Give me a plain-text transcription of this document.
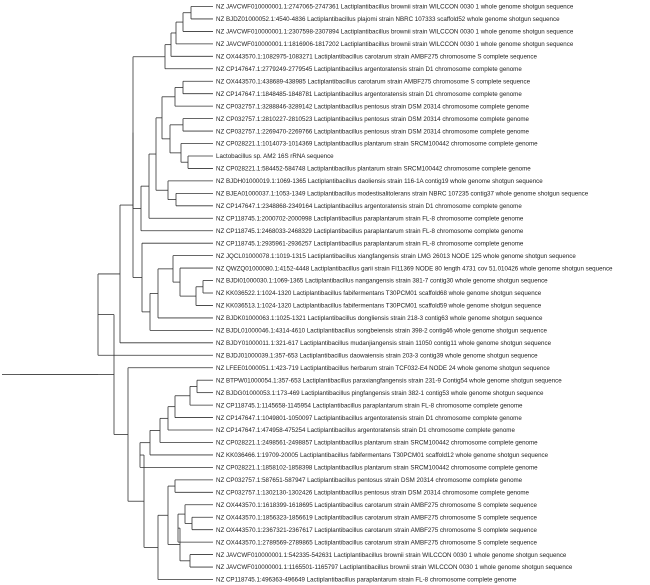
NZ JAVCWF010000001.1:2747065-2747361 Lactiplantibacillus brownii strain WILCCON 0030 1 whole genome shotgun sequence
NZ BJDZ01000052.1:4540-4836 Lactiplantibacillus plajomi strain NBRC 107333 scaffold52 whole genome shotgun sequence
NZ JAVCWF010000001.1:2307598-2307894 Lactiplantibacillus brownii strain WILCCON 0030 1 whole genome shotgun sequence
NZ JAVCWF010000001.1:1816906-1817202 Lactiplantibacillus brownii strain WILCCON 0030 1 whole genome shotgun sequence
NZ OX443570.1:1082975-1083271 Lactiplantibacillus carotarum strain AMBF275 chromosome S complete sequence
NZ CP147647.1:2779249-2779545 Lactiplantibacillus argentoratensis strain D1 chromosome complete genome
NZ OX443570.1:438689-438985 Lactiplantibacillus carotarum strain AMBF275 chromosome S complete sequence
NZ CP147647.1:1848485-1848781 Lactiplantibacillus argentoratensis strain D1 chromosome complete genome
NZ CP032757.1:3288846-3289142 Lactiplantibacillus pentosus strain DSM 20314 chromosome complete genome
NZ CP032757.1:2810227-2810523 Lactiplantibacillus pentosus strain DSM 20314 chromosome complete genome
NZ CP032757.1:2269470-2269766 Lactiplantibacillus pentosus strain DSM 20314 chromosome complete genome
NZ CP028221.1:1014073-1014369 Lactiplantibacillus plantarum strain SRCM100442 chromosome complete genome
Lactobacillus sp. AM2 16S rRNA sequence
NZ CP028221.1:584452-584748 Lactiplantibacillus plantarum strain SRCM100442 chromosome complete genome
NZ BJDH01000019.1:1069-1365 Lactiplantibacillus daoliensis strain 116-1A contig19 whole genome shotgun sequence
NZ BJEA01000037.1:1053-1349 Lactiplantibacillus modestisalitolerans strain NBRC 107235 contig37 whole genome shotgun sequence
NZ CP147647.1:2348868-2349164 Lactiplantibacillus argentoratensis strain D1 chromosome complete genome
NZ CP118745.1:2000702-2000998 Lactiplantibacillus paraplantarum strain FL-8 chromosome complete genome
NZ CP118745.1:2468033-2468329 Lactiplantibacillus paraplantarum strain FL-8 chromosome complete genome
NZ CP118745.1:2935961-2936257 Lactiplantibacillus paraplantarum strain FL-8 chromosome complete genome
NZ JQCL01000078.1:1019-1315 Lactiplantibacillus xiangfangensis strain LMG 26013 NODE 125 whole genome shotgun sequence
NZ QWZQ01000080.1:4152-4448 Lactiplantibacillus garii strain FI11369 NODE 80 length 4731 cov 51.010426 whole genome shotgun sequence
NZ BJDI01000030.1:1069-1365 Lactiplantibacillus nangangensis strain 381-7 contig30 whole genome shotgun sequence
NZ KK036522.1:1024-1320 Lactiplantibacillus fabifermentans T30PCM01 scaffold68 whole genome shotgun sequence
NZ KK036513.1:1024-1320 Lactiplantibacillus fabifermentans T30PCM01 scaffold59 whole genome shotgun sequence
NZ BJDK01000063.1:1025-1321 Lactiplantibacillus dongliensis strain 218-3 contig63 whole genome shotgun sequence
NZ BJDL01000046.1:4314-4610 Lactiplantibacillus songbeiensis strain 398-2 contig46 whole genome shotgun sequence
NZ BJDY01000011.1:321-617 Lactiplantibacillus mudanjiangensis strain 11050 contig11 whole genome shotgun sequence
NZ BJDJ01000039.1:357-653 Lactiplantibacillus daowaiensis strain 203-3 contig39 whole genome shotgun sequence
NZ LFEE01000051.1:423-719 Lactiplantibacillus herbarum strain TCF032-E4 NODE 24 whole genome shotgun sequence
NZ BTPW01000054.1:357-653 Lactiplantibacillus paraxiangfangensis strain 231-9 Contig54 whole genome shotgun sequence
NZ BJDG01000053.1:173-469 Lactiplantibacillus pingfangensis strain 382-1 contig53 whole genome shotgun sequence
NZ CP118745.1:1145658-1145954 Lactiplantibacillus paraplantarum strain FL-8 chromosome complete genome
NZ CP147647.1:1049801-1050097 Lactiplantibacillus argentoratensis strain D1 chromosome complete genome
NZ CP147647.1:474958-475254 Lactiplantibacillus argentoratensis strain D1 chromosome complete genome
NZ CP028221.1:2498561-2498857 Lactiplantibacillus plantarum strain SRCM100442 chromosome complete genome
NZ KK036466.1:19709-20005 Lactiplantibacillus fabifermentans T30PCM01 scaffold12 whole genome shotgun sequence
NZ CP028221.1:1858102-1858398 Lactiplantibacillus plantarum strain SRCM100442 chromosome complete genome
NZ CP032757.1:587651-587947 Lactiplantibacillus pentosus strain DSM 20314 chromosome complete genome
NZ CP032757.1:1302130-1302426 Lactiplantibacillus pentosus strain DSM 20314 chromosome complete genome
NZ OX443570.1:1618399-1618695 Lactiplantibacillus carotarum strain AMBF275 chromosome S complete sequence
NZ OX443570.1:1856323-1856619 Lactiplantibacillus carotarum strain AMBF275 chromosome S complete sequence
NZ OX443570.1:2367321-2367617 Lactiplantibacillus carotarum strain AMBF275 chromosome S complete sequence
NZ OX443570.1:2789569-2789865 Lactiplantibacillus carotarum strain AMBF275 chromosome S complete sequence
NZ JAVCWF010000001.1:542335-542631 Lactiplantibacillus brownii strain WILCCON 0030 1 whole genome shotgun sequence
NZ JAVCWF010000001.1:1165501-1165797 Lactiplantibacillus brownii strain WILCCON 0030 1 whole genome shotgun sequence
NZ CP118745.1:496363-496649 Lactiplantibacillus paraplantarum strain FL-8 chromosome complete genome
